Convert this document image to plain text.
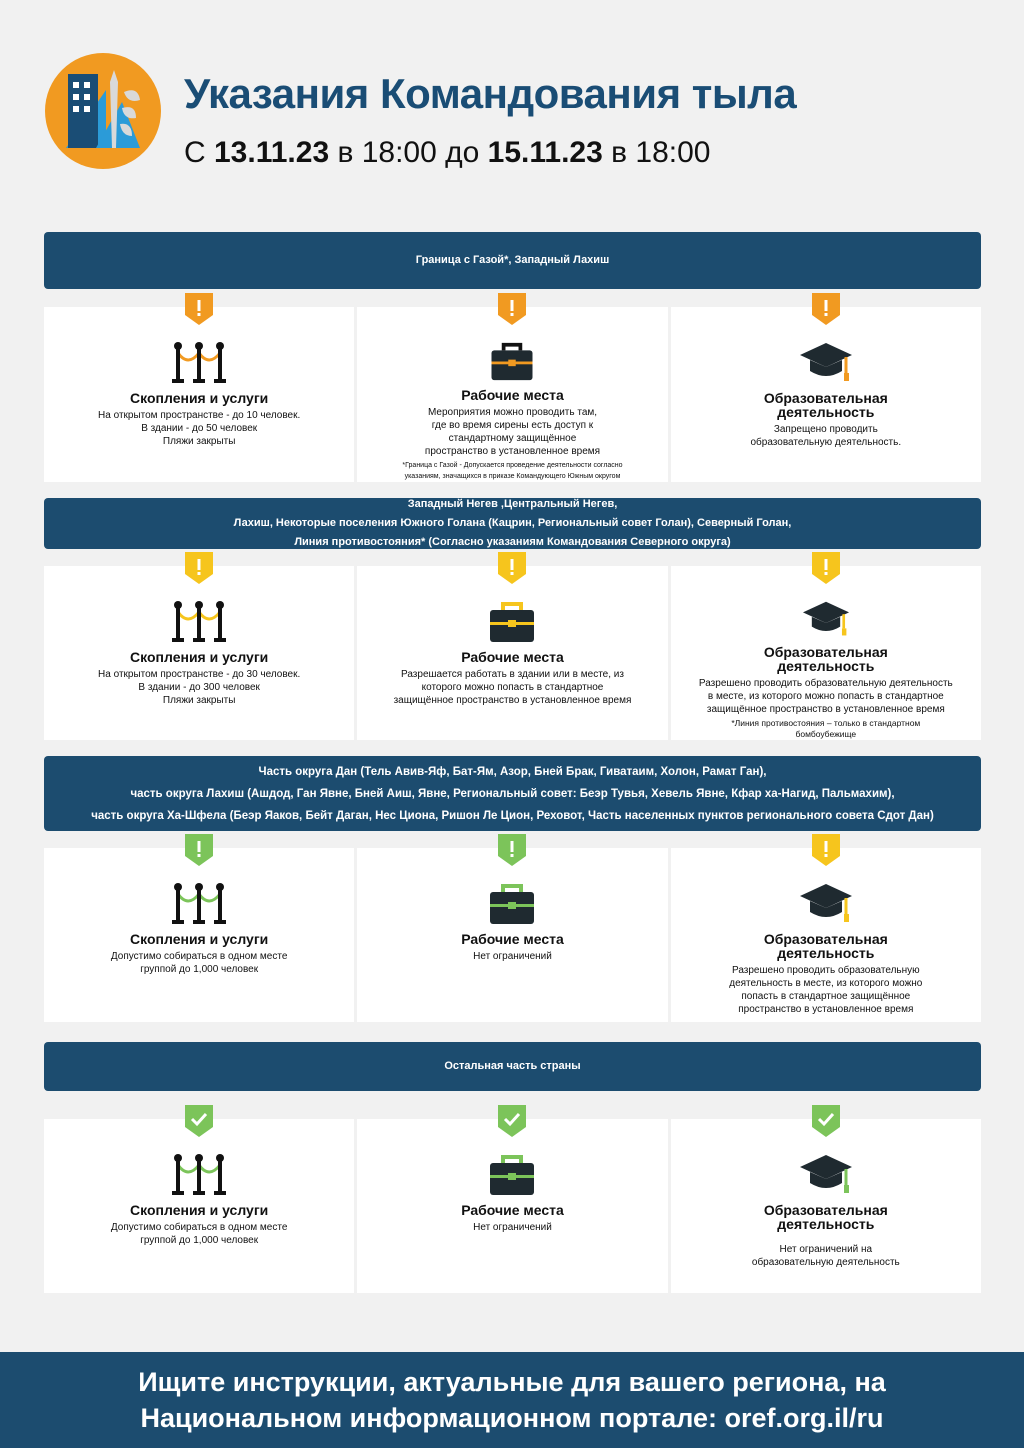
Указания Командования тыла
С 13.11.23 в 18:00 до 15.11.23 в 18:00
Граница с Газой*, Западный Лахиш
Скопления и услуги
На открытом пространстве - до 10 человек.
В здании - до 50 человек
Пляжи закрыты
Рабочие места
Мероприятия можно проводить там,
где во время сирены есть доступ к
стандартному защищённое
пространство в установленное время
*Граница с Газой - Допускается проведение деятельности согласно
указаниям, значащихся в приказе Командующего Южным округом
Образовательная
деятельность
Запрещено проводить
образовательную деятельность.
Западный Негев ,Центральный Негев,
Лахиш, Некоторые поселения Южного Голана (Кацрин, Региональный совет Голан), Северный Голан,
Линия противостояния* (Согласно указаниям Командования Северного округа)
Скопления и услуги
На открытом пространстве - до 30 человек.
В здании - до 300 человек
Пляжи закрыты
Рабочие места
Разрешается работать в здании или в месте, из
которого можно попасть в стандартное
защищённое пространство в установленное время
Образовательная
деятельность
Разрешено проводить образовательную деятельность
в месте, из которого можно попасть в стандартное
защищённое пространство в установленное время
*Линия противостояния – только в стандартном
бомбоубежище
Часть округа Дан (Тель Авив-Яф, Бат-Ям, Азор, Бней Брак, Гиватаим, Холон, Рамат Ган),
часть округа Лахиш (Ашдод, Ган Явне, Бней Аиш, Явне, Региональный совет: Беэр Тувья, Хевель Явне, Кфар ха-Нагид, Пальмахим),
часть округа Ха-Шфела (Беэр Яаков, Бейт Даган, Нес Циона, Ришон Ле Цион, Реховот, Часть населенных пунктов регионального совета Сдот Дан)
Скопления и услуги
Допустимо собираться в одном месте
группой до 1,000 человек
Рабочие места
Нет ограничений
Образовательная
деятельность
Разрешено проводить образовательную
деятельность в месте, из которого можно
попасть в стандартное защищённое
пространство в установленное время
Остальная часть страны
Скопления и услуги
Допустимо собираться в одном месте
группой до 1,000 человек
Рабочие места
Нет ограничений
Образовательная
деятельность
Нет ограничений на
образовательную деятельность
Ищите инструкции, актуальные для вашего региона, на
Национальном информационном портале: oref.org.il/ru
